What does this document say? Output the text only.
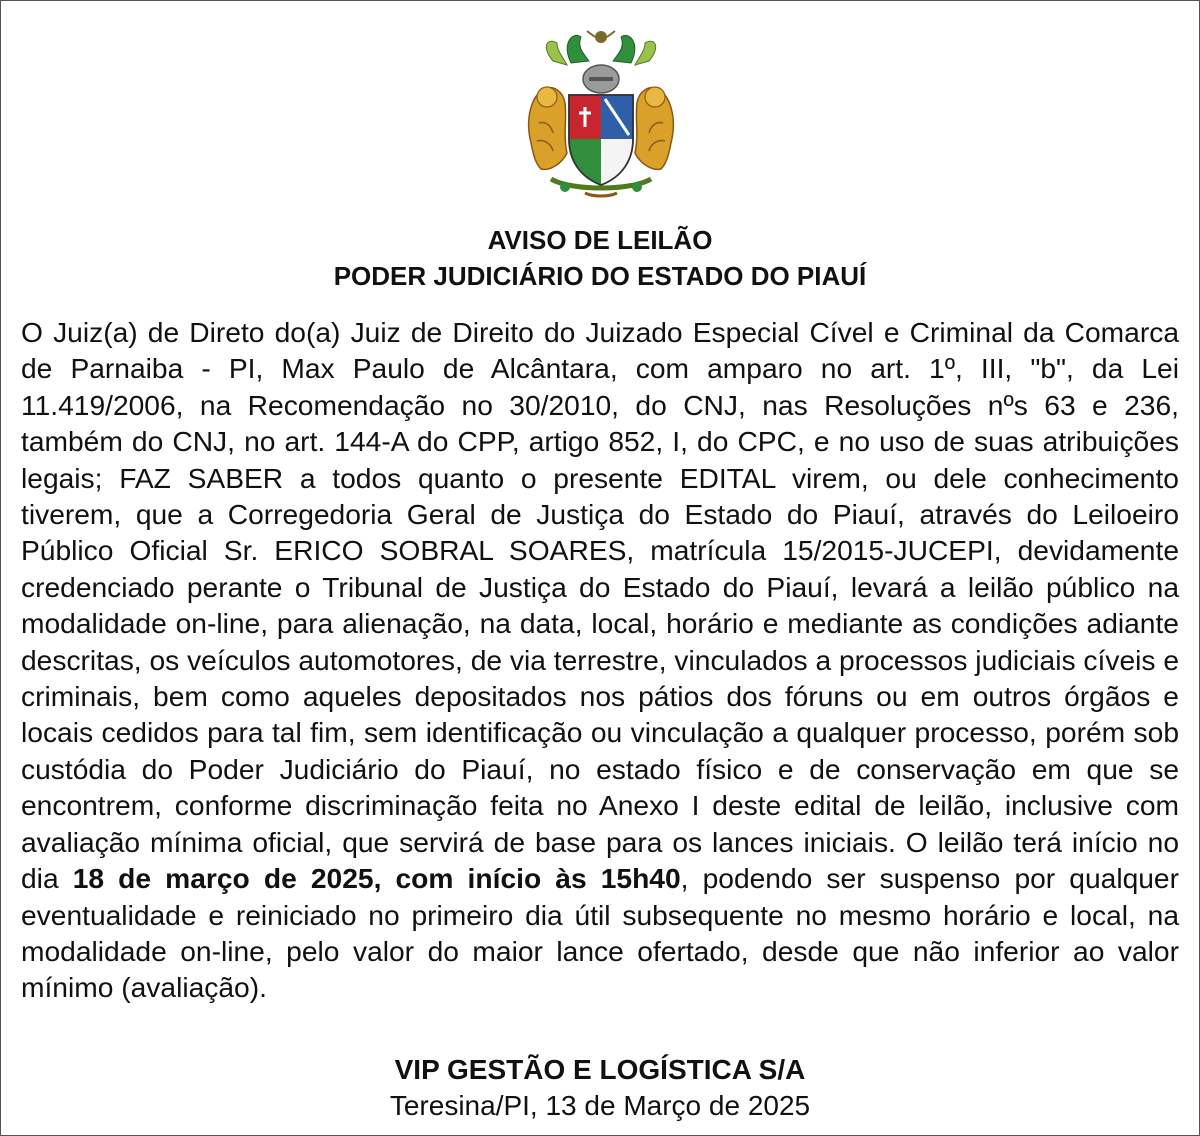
AVISO DE LEILÃO
PODER JUDICIÁRIO DO ESTADO DO PIAUÍ

O Juiz(a) de Direto do(a) Juiz de Direito do Juizado Especial Cível e Criminal da Comarca de Parnaiba - PI, Max Paulo de Alcântara, com amparo no art. 1º, III, "b", da Lei 11.419/2006, na Recomendação no 30/2010, do CNJ, nas Resoluções nºs 63 e 236, também do CNJ, no art. 144-A do CPP, artigo 852, I, do CPC, e no uso de suas atribuições legais; FAZ SABER a todos quanto o presente EDITAL virem, ou dele conhecimento tiverem, que a Corregedoria Geral de Justiça do Estado do Piauí, através do Leiloeiro Público Oficial Sr. ERICO SOBRAL SOARES, matrícula 15/2015-JUCEPI, devidamente credenciado perante o Tribunal de Justiça do Estado do Piauí, levará a leilão público na modalidade on-line, para alienação, na data, local, horário e mediante as condições adiante descritas, os veículos automotores, de via terrestre, vinculados a processos judiciais cíveis e criminais, bem como aqueles depositados nos pátios dos fóruns ou em outros órgãos e locais cedidos para tal fim, sem identificação ou vinculação a qualquer processo, porém sob custódia do Poder Judiciário do Piauí, no estado físico e de conservação em que se encontrem, conforme discriminação feita no Anexo I deste edital de leilão, inclusive com avaliação mínima oficial, que servirá de base para os lances iniciais. O leilão terá início no dia 18 de março de 2025, com início às 15h40, podendo ser suspenso por qualquer eventualidade e reiniciado no primeiro dia útil subsequente no mesmo horário e local, na modalidade on-line, pelo valor do maior lance ofertado, desde que não inferior ao valor mínimo (avaliação).

VIP GESTÃO E LOGÍSTICA S/A
Teresina/PI, 13 de Março de 2025
